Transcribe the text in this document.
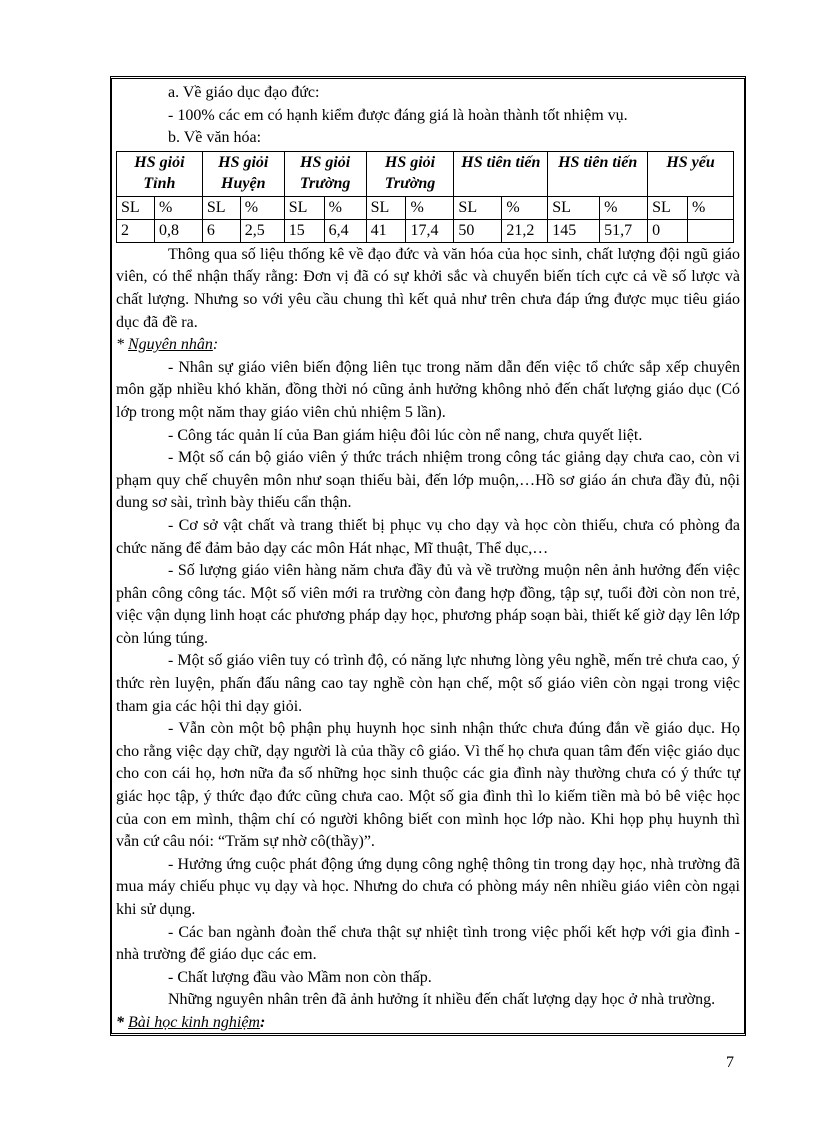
a. Về giáo dục đạo đức:

- 100% các em có hạnh kiểm được đáng giá là hoàn thành tốt nhiệm vụ.

b. Về văn hóa:

HS giỏi Tỉnh		HS giỏi Huyện		HS giỏi Trường		HS giỏi Trường		HS tiên tiến		HS tiên tiến		HS yếu	
SL	%	SL	%	SL	%	SL	%	SL	%	SL	%	SL	%
2	0,8	6	2,5	15	6,4	41	17,4	50	21,2	145	51,7	0	

Thông qua số liệu thống kê về đạo đức và văn hóa của học sinh, chất lượng đội ngũ giáo viên, có thể nhận thấy rằng: Đơn vị đã có sự khởi sắc và chuyển biến tích cực cả về số lược và chất lượng. Nhưng so với yêu cầu chung thì kết quả như trên chưa đáp ứng được mục tiêu giáo dục đã đề ra.

* Nguyên nhân:

- Nhân sự giáo viên biến động liên tục trong năm dẫn đến việc tổ chức sắp xếp chuyên môn gặp nhiều khó khăn, đồng thời nó cũng ảnh hưởng không nhỏ đến chất lượng giáo dục (Có lớp trong một năm thay giáo viên chủ nhiệm 5 lần).

- Công tác quản lí của Ban giám hiệu đôi lúc còn nể nang, chưa quyết liệt.

- Một số cán bộ giáo viên ý thức trách nhiệm trong công tác giảng dạy chưa cao, còn vi phạm quy chế chuyên môn như soạn thiếu bài, đến lớp muộn,…Hồ sơ giáo án chưa đầy đủ, nội dung sơ sài, trình bày thiếu cẩn thận.

- Cơ sở vật chất và trang thiết bị phục vụ cho dạy và học còn thiếu, chưa có phòng đa chức năng để đảm bảo dạy các môn Hát nhạc, Mĩ thuật, Thể dục,…

- Số lượng giáo viên hàng năm chưa đầy đủ và về trường muộn nên ảnh hưởng đến việc phân công công tác. Một số viên mới ra trường còn đang hợp đồng, tập sự, tuổi đời còn non trẻ, việc vận dụng linh hoạt các phương pháp dạy học, phương pháp soạn bài, thiết kế giờ dạy lên lớp còn lúng túng.

- Một số giáo viên tuy có trình độ, có năng lực nhưng lòng yêu nghề, mến trẻ chưa cao, ý thức rèn luyện, phấn đấu nâng cao tay nghề còn hạn chế, một số giáo viên còn ngại trong việc tham gia các hội thi dạy giỏi.

- Vẫn còn một bộ phận phụ huynh học sinh nhận thức chưa đúng đắn về giáo dục. Họ cho rằng việc dạy chữ, dạy người là của thầy cô giáo. Vì thế họ chưa quan tâm đến việc giáo dục cho con cái họ, hơn nữa đa số những học sinh thuộc các gia đình này thường chưa có ý thức tự giác học tập, ý thức đạo đức cũng chưa cao. Một số gia đình thì lo kiếm tiền mà bỏ bê việc học của con em mình, thậm chí có người không biết con mình học lớp nào. Khi họp phụ huynh thì vẫn cứ câu nói: “Trăm sự nhờ cô(thầy)”.

- Hưởng ứng cuộc phát động ứng dụng công nghệ thông tin trong dạy học, nhà trường đã mua máy chiếu phục vụ dạy và học. Nhưng do chưa có phòng máy nên nhiều giáo viên còn ngại khi sử dụng.

- Các ban ngành đoàn thể chưa thật sự nhiệt tình trong việc phối kết hợp với gia đình - nhà trường để giáo dục các em.

- Chất lượng đầu vào Mầm non còn thấp.

Những nguyên nhân trên đã ảnh hưởng ít nhiều đến chất lượng dạy học ở nhà trường.

* Bài học kinh nghiệm:

7
